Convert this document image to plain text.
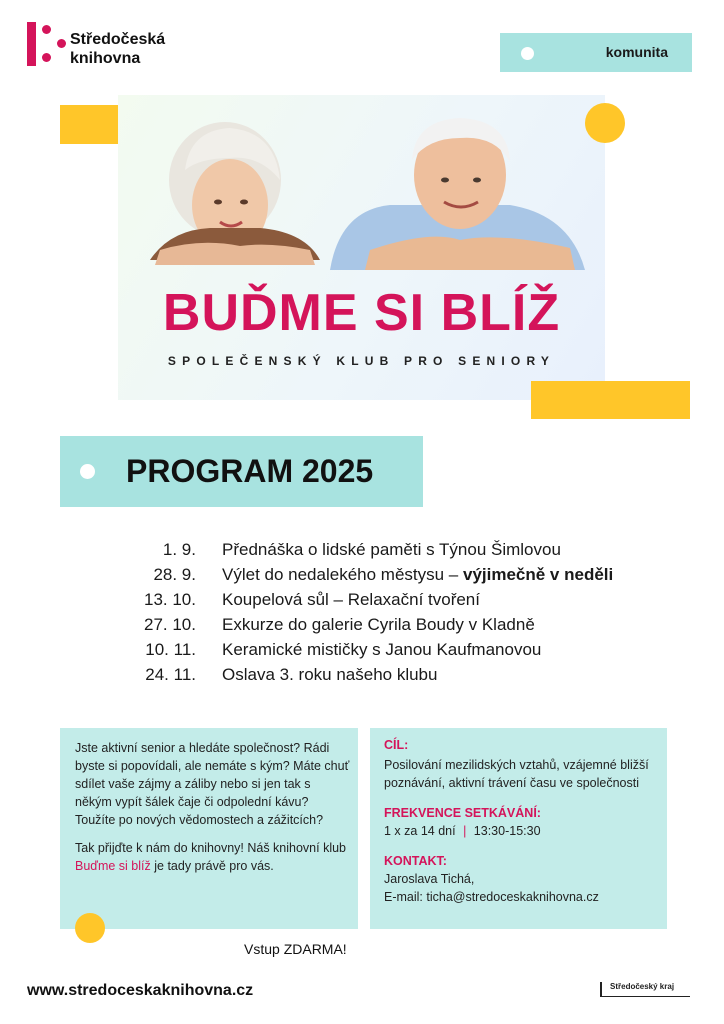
Středočeská
knihovna	komunita
BUĎME SI BLÍŽ
SPOLEČENSKÝ KLUB PRO SENIORY
PROGRAM 2025
1. 9. Přednáška o lidské paměti s Týnou Šimlovou
28. 9. Výlet do nedalekého městysu – výjimečně v neděli
13. 10. Koupelová sůl – Relaxační tvoření
27. 10. Exkurze do galerie Cyrila Boudy v Kladně
10. 11. Keramické mističky s Janou Kaufmanovou
24. 11. Oslava 3. roku našeho klubu
Jste aktivní senior a hledáte společnost? Rádi byste si popovídali, ale nemáte s kým? Máte chuť sdílet vaše zájmy a záliby nebo si jen tak s někým vypít šálek čaje či odpolední kávu? Toužíte po nových vědomostech a zážitcích?
Tak přijďte k nám do knihovny! Náš knihovní klub Buďme si blíž je tady právě pro vás.
CÍL:
Posilování mezilidských vztahů, vzájemné bližší poznávání, aktivní trávení času ve společnosti
FREKVENCE SETKÁVÁNÍ:
1 x za 14 dní | 13:30-15:30
KONTAKT:
Jaroslava Tichá,
E-mail: ticha@stredoceskaknihovna.cz
Vstup ZDARMA!
www.stredoceskaknihovna.cz	Středočeský kraj
